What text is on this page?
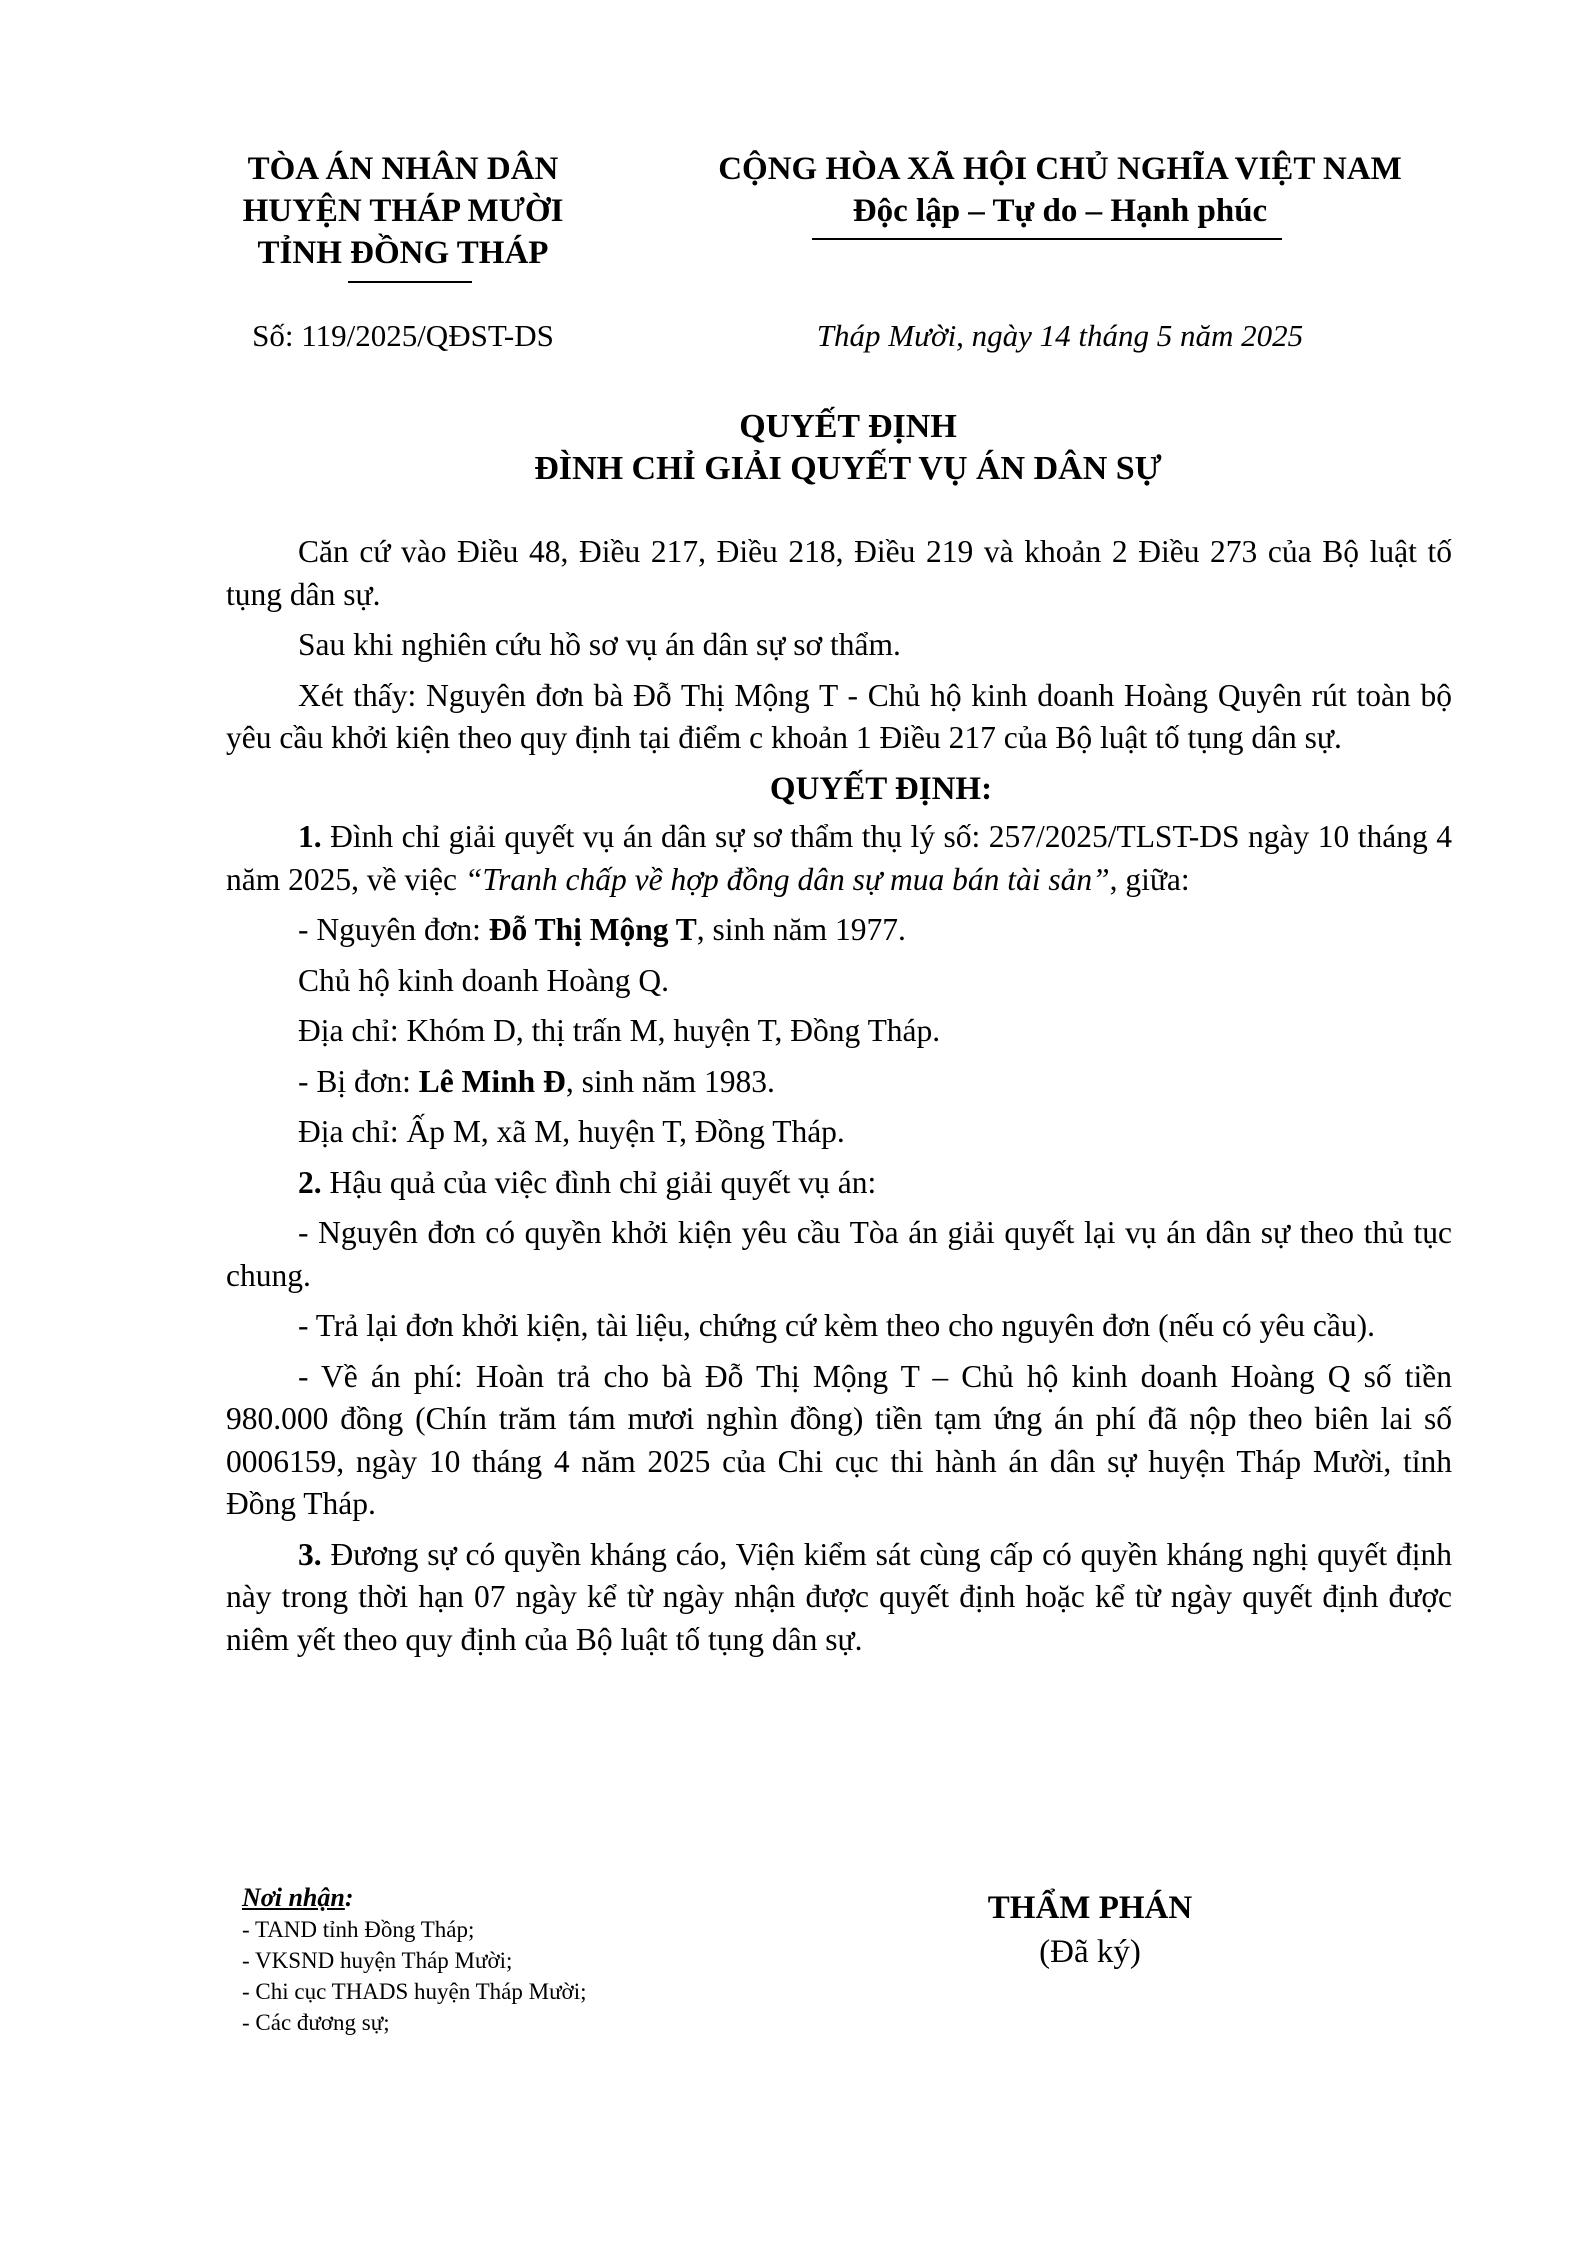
TÒA ÁN NHÂN DÂN
HUYỆN THÁP MƯỜI
TỈNH ĐỒNG THÁP
CỘNG HÒA XÃ HỘI CHỦ NGHĨA VIỆT NAM
Độc lập – Tự do – Hạnh phúc
Số: 119/2025/QĐST-DS	Tháp Mười, ngày 14 tháng 5 năm 2025
QUYẾT ĐỊNH
ĐÌNH CHỈ GIẢI QUYẾT VỤ ÁN DÂN SỰ

Căn cứ vào Điều 48, Điều 217, Điều 218, Điều 219 và khoản 2 Điều 273 của Bộ luật tố tụng dân sự.

Sau khi nghiên cứu hồ sơ vụ án dân sự sơ thẩm.

Xét thấy: Nguyên đơn bà Đỗ Thị Mộng T - Chủ hộ kinh doanh Hoàng Quyên rút toàn bộ yêu cầu khởi kiện theo quy định tại điểm c khoản 1 Điều 217 của Bộ luật tố tụng dân sự.

QUYẾT ĐỊNH:

1. Đình chỉ giải quyết vụ án dân sự sơ thẩm thụ lý số: 257/2025/TLST-DS ngày 10 tháng 4 năm 2025, về việc “Tranh chấp về hợp đồng dân sự mua bán tài sản”, giữa:

- Nguyên đơn: Đỗ Thị Mộng T, sinh năm 1977.

Chủ hộ kinh doanh Hoàng Q.

Địa chỉ: Khóm D, thị trấn M, huyện T, Đồng Tháp.

- Bị đơn: Lê Minh Đ, sinh năm 1983.

Địa chỉ: Ấp M, xã M, huyện T, Đồng Tháp.

2. Hậu quả của việc đình chỉ giải quyết vụ án:

- Nguyên đơn có quyền khởi kiện yêu cầu Tòa án giải quyết lại vụ án dân sự theo thủ tục chung.

- Trả lại đơn khởi kiện, tài liệu, chứng cứ kèm theo cho nguyên đơn (nếu có yêu cầu).

- Về án phí: Hoàn trả cho bà Đỗ Thị Mộng T – Chủ hộ kinh doanh Hoàng Q số tiền 980.000 đồng (Chín trăm tám mươi nghìn đồng) tiền tạm ứng án phí đã nộp theo biên lai số 0006159, ngày 10 tháng 4 năm 2025 của Chi cục thi hành án dân sự huyện Tháp Mười, tỉnh Đồng Tháp.

3. Đương sự có quyền kháng cáo, Viện kiểm sát cùng cấp có quyền kháng nghị quyết định này trong thời hạn 07 ngày kể từ ngày nhận được quyết định hoặc kể từ ngày quyết định được niêm yết theo quy định của Bộ luật tố tụng dân sự.

Nơi nhận:
- TAND tỉnh Đồng Tháp;
- VKSND huyện Tháp Mười;
- Chi cục THADS huyện Tháp Mười;
- Các đương sự;
THẨM PHÁN
(Đã ký)
